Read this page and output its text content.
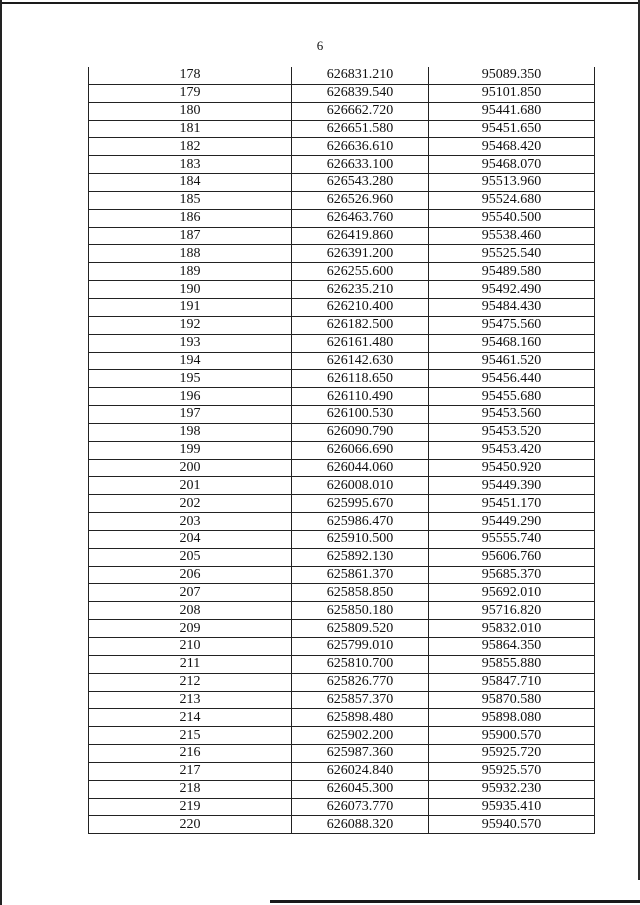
6
178	626831.210	95089.350
179	626839.540	95101.850
180	626662.720	95441.680
181	626651.580	95451.650
182	626636.610	95468.420
183	626633.100	95468.070
184	626543.280	95513.960
185	626526.960	95524.680
186	626463.760	95540.500
187	626419.860	95538.460
188	626391.200	95525.540
189	626255.600	95489.580
190	626235.210	95492.490
191	626210.400	95484.430
192	626182.500	95475.560
193	626161.480	95468.160
194	626142.630	95461.520
195	626118.650	95456.440
196	626110.490	95455.680
197	626100.530	95453.560
198	626090.790	95453.520
199	626066.690	95453.420
200	626044.060	95450.920
201	626008.010	95449.390
202	625995.670	95451.170
203	625986.470	95449.290
204	625910.500	95555.740
205	625892.130	95606.760
206	625861.370	95685.370
207	625858.850	95692.010
208	625850.180	95716.820
209	625809.520	95832.010
210	625799.010	95864.350
211	625810.700	95855.880
212	625826.770	95847.710
213	625857.370	95870.580
214	625898.480	95898.080
215	625902.200	95900.570
216	625987.360	95925.720
217	626024.840	95925.570
218	626045.300	95932.230
219	626073.770	95935.410
220	626088.320	95940.570
